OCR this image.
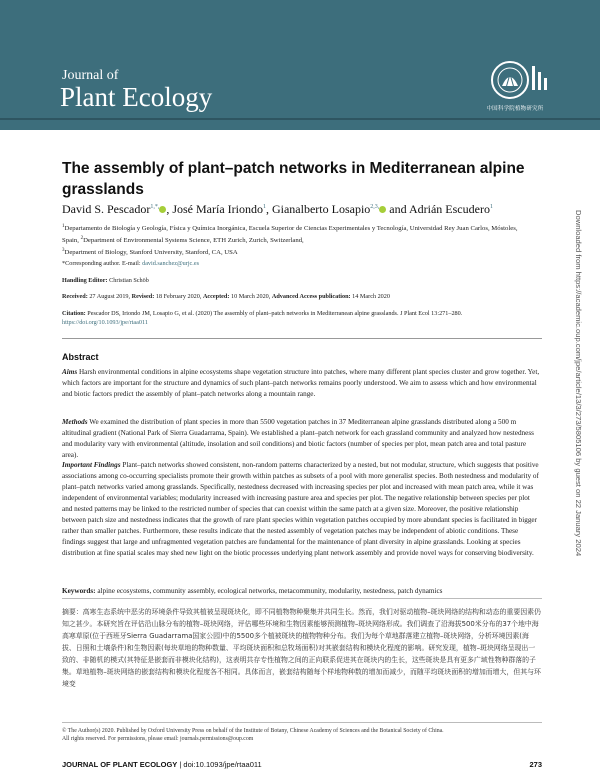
Journal of
Plant Ecology	中国科学院植物研究所
The assembly of plant–patch networks in Mediterranean alpine grasslands
David S. Pescador$^{1,*,}$ , José María Iriondo$^1$, Gianalberto Losapio$^{2,3,}$ and Adrián Escudero$^1$
$^1$Departamento de Biología y Geología, Física y Química Inorgánica, Escuela Superior de Ciencias Experimentales y Tecnología, Universidad Rey Juan Carlos, Móstoles, Spain, $^2$Department of Environmental Systems Science, ETH Zurich, Zurich, Switzerland,
$^3$Department of Biology, Stanford University, Stanford, CA, USA
*Corresponding author. E-mail: david.sanchez@urjc.es
Handling Editor: Christian Schöb
Received: 27 August 2019, Revised: 18 February 2020, Accepted: 10 March 2020, Advanced Access publication: 14 March 2020
Citation: Pescador DS, Iriondo JM, Losapio G, et al. (2020) The assembly of plant–patch networks in Mediterranean alpine grasslands. J Plant Ecol 13:271–280. https://doi.org/10.1093/jpe/rtaa011
Abstract
Aims Harsh environmental conditions in alpine ecosystems shape vegetation structure into patches, where many different plant species cluster and grow together. Yet, which factors are important for the structure and dynamics of such plant–patch networks remains poorly understood. We aim to assess which and how environmental and biotic factors predict the assembly of plant–patch networks along a mountain range.
Methods We examined the distribution of plant species in more than 5500 vegetation patches in 37 Mediterranean alpine grasslands distributed along a 500 m altitudinal gradient (National Park of Sierra Guadarrama, Spain). We established a plant–patch network for each grassland community and analyzed how nestedness and modularity vary with environmental (altitude, insolation and soil conditions) and biotic factors (number of species per plot, mean patch area and total pasture area).
Important Findings Plant–patch networks showed consistent, non-random patterns characterized by a nested, but not modular, structure, which suggests that positive associations among co-occurring specialists promote their growth within patches as subsets of a pool with more generalist species. Both nestedness and modularity of plant–patch networks varied among grasslands. Specifically, nestedness decreased with increasing species per plot and increased with mean patch area, while it was independent of environmental variables; modularity increased with increasing pasture area and species per plot. The negative relationship between species per plot and nested patterns may be linked to the restricted number of species that can coexist within the same patch at a given size. Moreover, the positive relationship between patch size and nestedness indicates that the growth of rare plant species within vegetation patches occupied by more abundant species is facilitated in bigger rather than smaller patches. Furthermore, these results indicate that the nested assembly of vegetation patches may be independent of abiotic conditions. These findings suggest that large and unfragmented vegetation patches are fundamental for the maintenance of plant diversity in alpine grasslands. Looking at species distribution at fine spatial scales may shed new light on the biotic processes underlying plant network assembly and provide novel ways for conserving biodiversity.
Keywords: alpine ecosystems, community assembly, ecological networks, metacommunity, modularity, nestedness, patch dynamics
摘要：高寒生态系统中恶劣的环境条件导致其植被呈现斑块化，即不同植物物种聚集并共同生长。然而，我们对驱动植物–斑块网络的结构和动态的重要因素仍知之甚少。本研究旨在评估沿山脉分布的植物–斑块网络，评估哪些环境和生物因素能够预测植物–斑块网络形成。我们调查了沿海拔500米分布的37个地中海高寒草原(位于西班牙Sierra Guadarrama国家公园)中的5500多个植被斑块的植物物种分布。我们为每个草地群落建立植物–斑块网络，分析环境因素(海拔、日照和土壤条件)和生物因素(每块草地的物种数量、平均斑块面积和总牧场面积)对其嵌套结构和模块化程度的影响。研究发现，植物–斑块网络呈现出一致的、非随机的模式(其特征是嵌套而非模块化结构)，这表明共存专性植物之间的正向联系促进其在斑块内的生长，这些斑块是具有更多广域性物种群落的子集。草地植物–斑块网络的嵌套结构和模块化程度各不相同。具体而言，嵌套结构随每个样地物种数的增加而减少，而随平均斑块面积的增加而增大，但其与环境变
© The Author(s) 2020. Published by Oxford University Press on behalf of the Institute of Botany, Chinese Academy of Sciences and the Botanical Society of China.
All rights reserved. For permissions, please email: journals.permissions@oup.com
JOURNAL OF PLANT ECOLOGY | doi:10.1093/jpe/rtaa011	273
Downloaded from https://academic.oup.com/jpe/article/13/3/273/5805106 by guest on 22 January 2024
